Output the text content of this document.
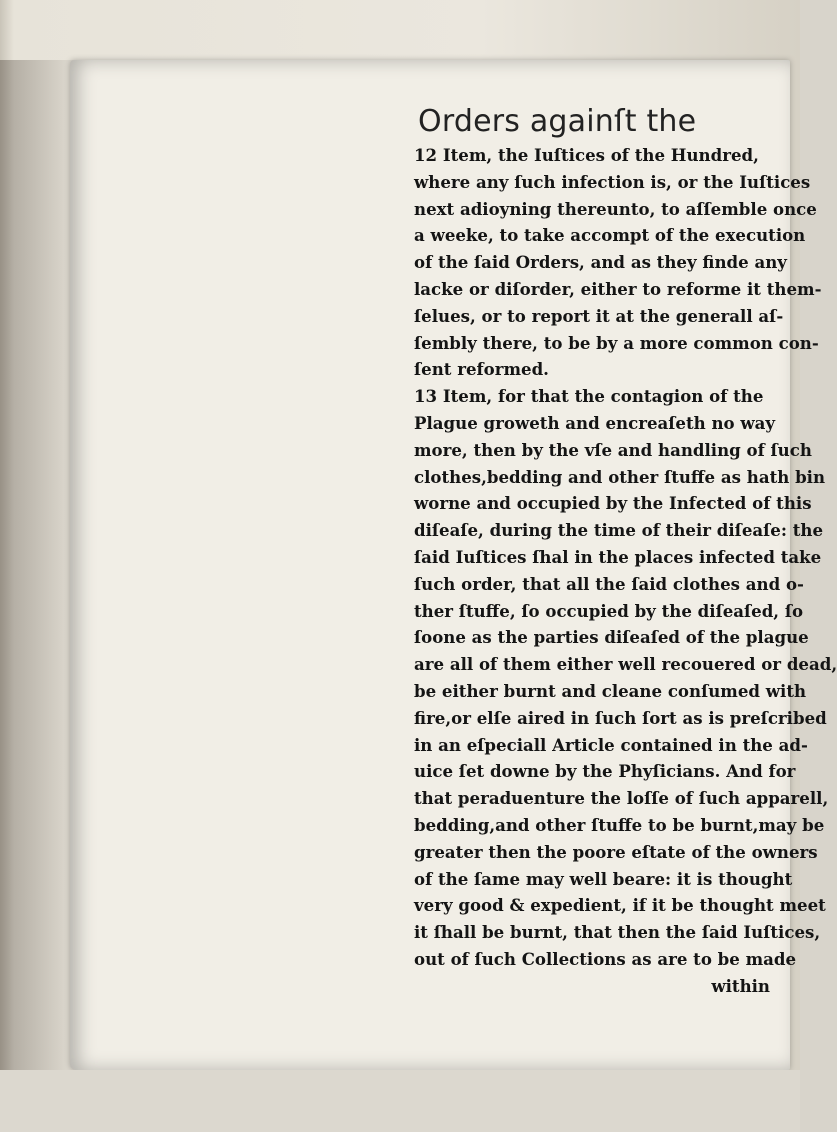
Orders againſt the
12 Item, the Iuſtices of the Hundred,
where any ſuch infection is, or the Iuſtices
next adioyning thereunto, to aſſemble once
a weeke, to take accompt of the execution
of the ſaid Orders, and as they finde any
lacke or diſorder, either to reforme it them-
ſelues, or to report it at the generall aſ-
ſembly there, to be by a more common con-
ſent reformed.
13 Item, for that the contagion of the
Plague groweth and encreaſeth no way
more, then by the vſe and handling of ſuch
clothes,bedding and other ſtuffe as hath bin
worne and occupied by the Infected of this
diſeaſe, during the time of their diſeaſe: the
ſaid Iuſtices ſhal in the places infected take
ſuch order, that all the ſaid clothes and o-
ther ſtuffe, ſo occupied by the diſeaſed, ſo
ſoone as the parties diſeaſed of the plague
are all of them either well recouered or dead,
be either burnt and cleane conſumed with
fire,or elſe aired in ſuch ſort as is preſcribed
in an eſpeciall Article contained in the ad-
uice ſet downe by the Phyſicians. And for
that peraduenture the loſſe of ſuch apparell,
bedding,and other ſtuffe to be burnt,may be
greater then the poore eſtate of the owners
of the ſame may well beare: it is thought
very good & expedient, if it be thought meet
it ſhall be burnt, that then the ſaid Iuſtices,
out of ſuch Collections as are to be made
within
